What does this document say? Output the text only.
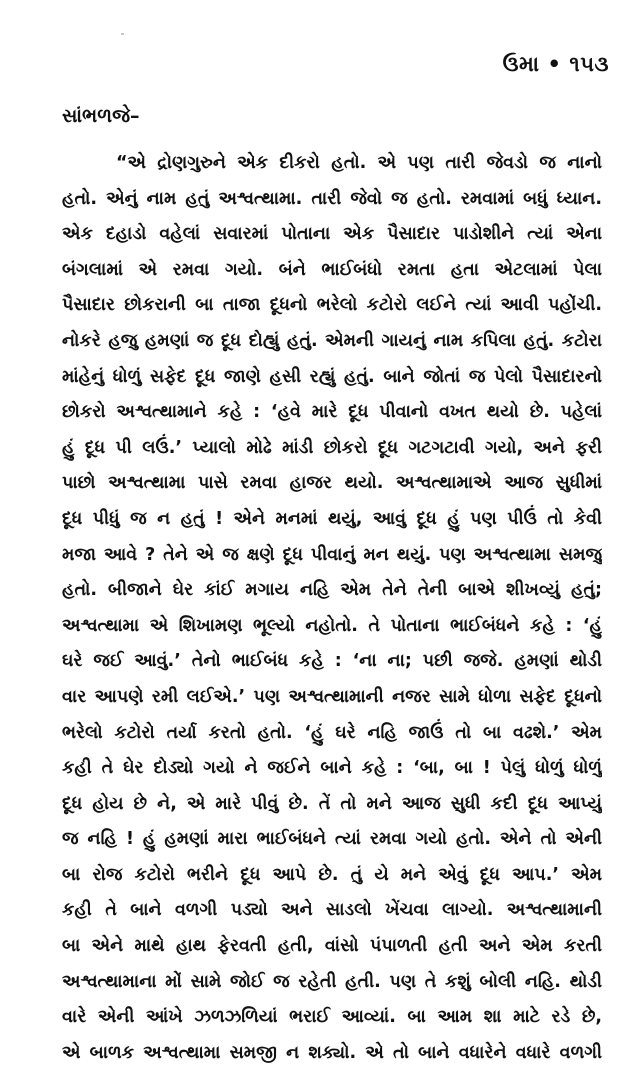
ઉમા • ૧૫૩
સાંભળજે–
“એ દ્રોણગુરુને એક દીકરો હતો. એ પણ તારી જેવડો જ નાનો
હતો. એનું નામ હતું અશ્વત્થામા. તારી જેવો જ હતો. રમવામાં બધું ધ્યાન.
એક દહાડો વહેલાં સવારમાં પોતાના એક પૈસાદાર પાડોશીને ત્યાં એના
બંગલામાં એ રમવા ગયો. બંને ભાઈબંધો રમતા હતા એટલામાં પેલા
પૈસાદાર છોકરાની બા તાજા દૂધનો ભરેલો કટોરો લઈને ત્યાં આવી પહોંચી.
નોકરે હજુ હમણાં જ દૂધ દોહ્યું હતું. એમની ગાયનું નામ કપિલા હતું. કટોરા
માંહેનું ધોળું સફેદ દૂધ જાણે હસી રહ્યું હતું. બાને જોતાં જ પેલો પૈસાદારનો
છોકરો અશ્વત્થામાને કહે : ‘હવે મારે દૂધ પીવાનો વખત થયો છે. પહેલાં
હું દૂધ પી લઉં.’ પ્યાલો મોઢે માંડી છોકરો દૂધ ગટગટાવી ગયો, અને ફરી
પાછો અશ્વત્થામા પાસે રમવા હાજર થયો. અશ્વત્થામાએ આજ સુધીમાં
દૂધ પીધું જ ન હતું ! એને મનમાં થયું, આવું દૂધ હું પણ પીઉં તો કેવી
મજા આવે ? તેને એ જ ક્ષણે દૂધ પીવાનું મન થયું. પણ અશ્વત્થામા સમજુ
હતો. બીજાને ઘેર કાંઈ મગાય નહિ એમ તેને તેની બાએ શીખવ્યું હતું;
અશ્વત્થામા એ શિખામણ ભૂલ્યો નહોતો. તે પોતાના ભાઈબંધને કહે : ‘હું
ઘરે જઈ આવું.’ તેનો ભાઈબંધ કહે : ‘ના ના; પછી જજે. હમણાં થોડી
વાર આપણે રમી લઈએ.’ પણ અશ્વત્થામાની નજર સામે ધોળા સફેદ દૂધનો
ભરેલો કટોરો તર્યા કરતો હતો. ‘હું ઘરે નહિ જાઉં તો બા વઢશે.’ એમ
કહી તે ઘેર દોડ્યો ગયો ને જઈને બાને કહે : ‘બા, બા ! પેલું ધોળું ધોળું
દૂધ હોય છે ને, એ મારે પીવું છે. તેં તો મને આજ સુધી કદી દૂધ આપ્યું
જ નહિ ! હું હમણાં મારા ભાઈબંધને ત્યાં રમવા ગયો હતો. એને તો એની
બા રોજ કટોરો ભરીને દૂધ આપે છે. તું યે મને એવું દૂધ આપ.’ એમ
કહી તે બાને વળગી પડ્યો અને સાડલો ખેંચવા લાગ્યો. અશ્વત્થામાની
બા એને માથે હાથ ફેરવતી હતી, વાંસો પંપાળતી હતી અને એમ કરતી
અશ્વત્થામાના મોં સામે જોઈ જ રહેતી હતી. પણ તે કશું બોલી નહિ. થોડી
વારે એની આંખે ઝળઝળિયાં ભરાઈ આવ્યાં. બા આમ શા માટે રડે છે,
એ બાળક અશ્વત્થામા સમજી ન શક્યો. એ તો બાને વધારેને વધારે વળગી
